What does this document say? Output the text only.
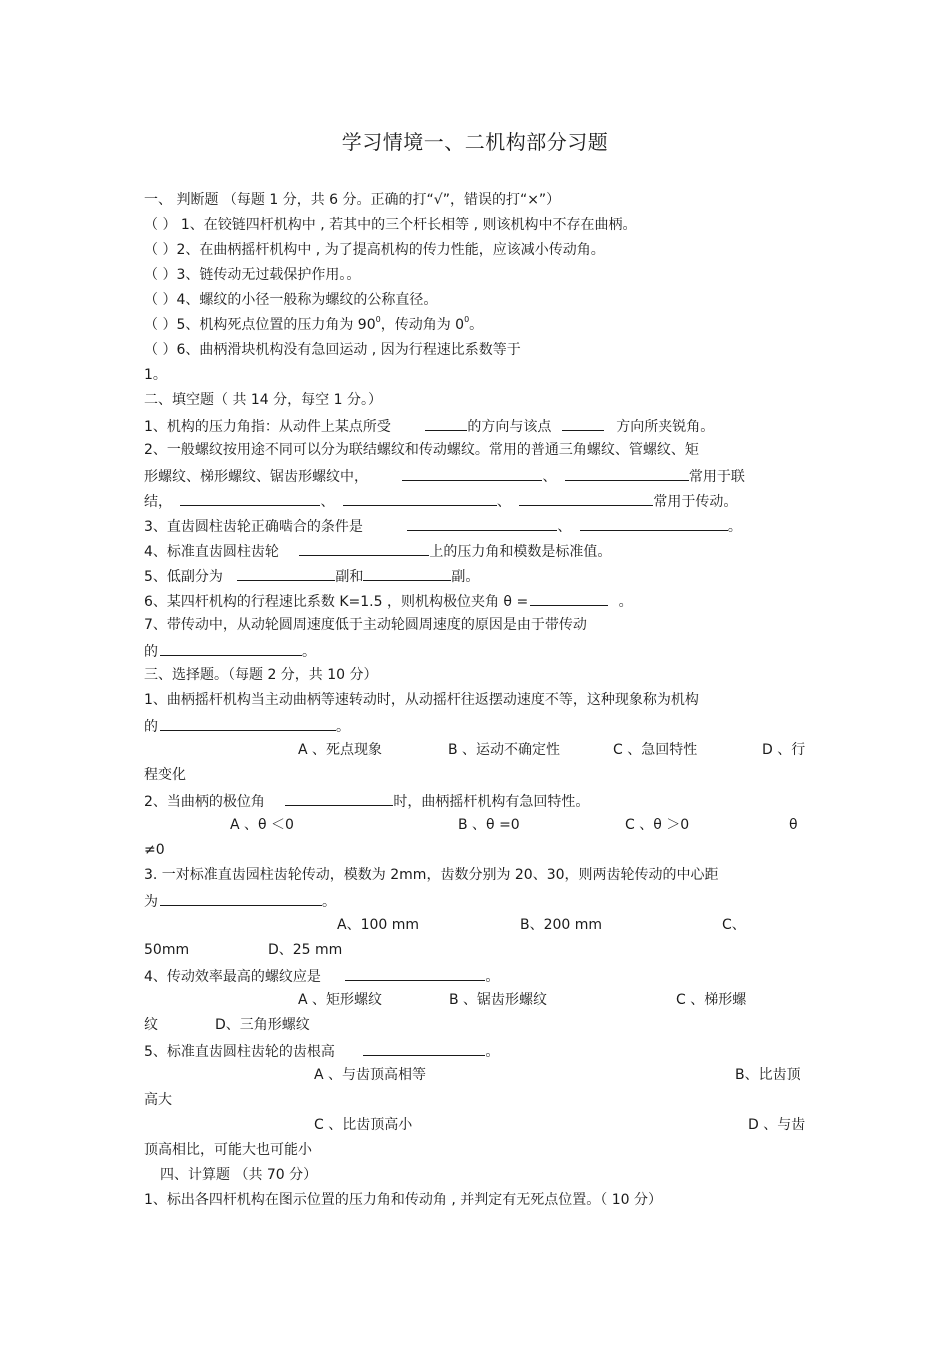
学习情境一、二机构部分习题
一、 判断题 （每题 1 分，共 6 分。正确的打“√”，错误的打“×”）
（ ） 1、在铰链四杆机构中 , 若其中的三个杆长相等 , 则该机构中不存在曲柄。
（ ）2、在曲柄摇杆机构中 , 为了提高机构的传力性能，应该减小传动角。
（ ）3、链传动无过载保护作用。。
（ ）4、螺纹的小径一般称为螺纹的公称直径。
（ ）5、机构死点位置的压力角为 $90^0$，传动角为 $0^0$。
（ ）6、曲柄滑块机构没有急回运动 , 因为行程速比系数等于
1。
二、填空题（ 共 14 分，每空 1 分。）
1、机构的压力角指：从动件上某点所受	的方向与该点	方向所夹锐角。
2、一般螺纹按用途不同可以分为联结螺纹和传动螺纹。常用的普通三角螺纹、管螺纹、矩
形螺纹、梯形螺纹、锯齿形螺纹中，	、	常用于联
结，	、	、	常用于传动。
3、直齿圆柱齿轮正确啮合的条件是	、	。
4、标准直齿圆柱齿轮	上的压力角和模数是标准值。
5、低副分为	副和	副。
6、某四杆机构的行程速比系数 K=1.5 ，则机构极位夹角 θ =	。
7、带传动中，从动轮圆周速度低于主动轮圆周速度的原因是由于带传动
的	。
三、选择题。（每题 2 分，共 10 分）
1、曲柄摇杆机构当主动曲柄等速转动时，从动摇杆往返摆动速度不等，这种现象称为机构
的	。
A 、死点现象	B 、运动不确定性	C 、急回特性	D 、行
程变化
2、当曲柄的极位角	时，曲柄摇杆机构有急回特性。
A 、θ ＜0	B 、θ =0	C 、θ ＞0	θ
≠0
3. 一对标准直齿园柱齿轮传动，模数为 2mm，齿数分别为 20、30，则两齿轮传动的中心距
为	。
A、100 mm	B、200 mm	C、
50mm	D、25 mm
4、传动效率最高的螺纹应是	。
A 、矩形螺纹	B 、锯齿形螺纹	C 、梯形螺
纹	D、三角形螺纹
5、标准直齿圆柱齿轮的齿根高	。
A 、与齿顶高相等	B、比齿顶
高大
C 、比齿顶高小	D 、与齿
顶高相比，可能大也可能小
四、计算题 （共 70 分）
1、标出各四杆机构在图示位置的压力角和传动角 , 并判定有无死点位置。（ 10 分）
